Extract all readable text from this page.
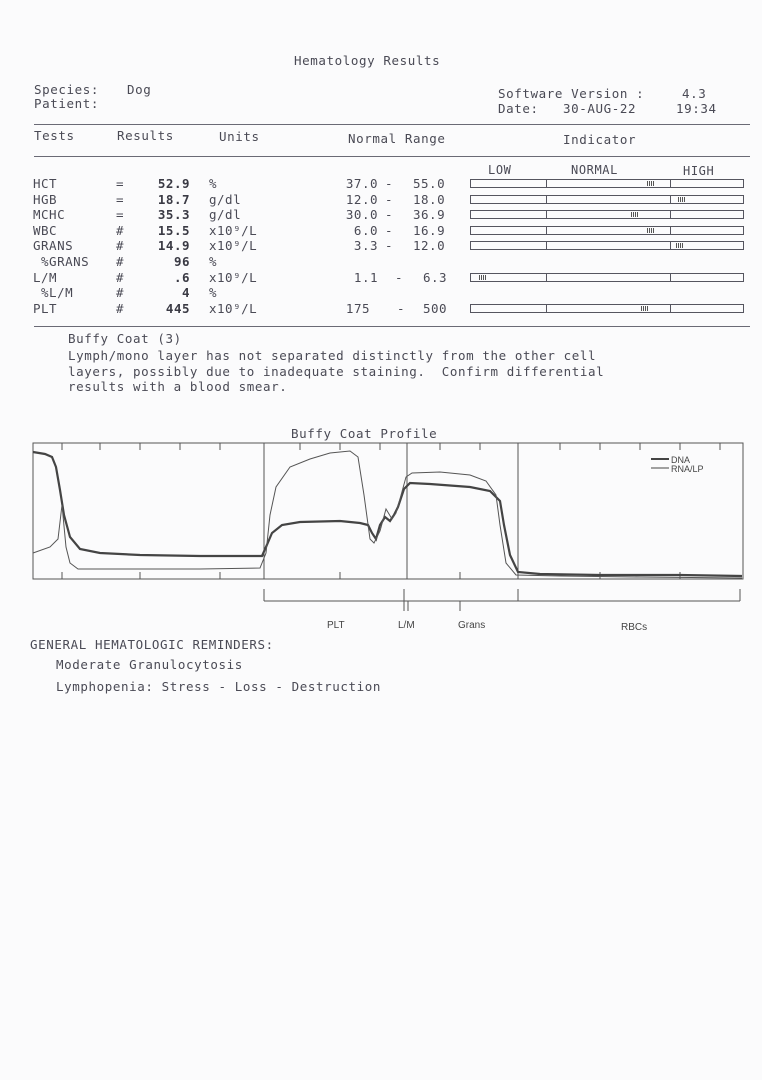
Hematology Results
Species: Dog
Patient:
Software Version :	4.3
Date: 30-AUG-22	19:34
Tests	Results	Units	Normal Range	Indicator
LOW	NORMAL	HIGH
HCT	=	52.9 %	37.0 - 55.0
HGB	=	18.7 g/dl	12.0 - 18.0
MCHC	=	35.3 g/dl	30.0 - 36.9
WBC	#	15.5 x10⁹/L	6.0 - 16.9
GRANS	#	14.9 x10⁹/L	3.3 - 12.0
%GRANS #	96 %
L/M	#	.6 x10⁹/L	1.1 - 6.3
%L/M	#	4 %
PLT	#	445 x10⁹/L	175 - 500
Buffy Coat (3)
Lymph/mono layer has not separated distinctly from the other cell
layers, possibly due to inadequate staining.  Confirm differential
results with a blood smear.
Buffy Coat Profile
DNA
RNA/LP
PLT	L/M	Grans	RBCs
GENERAL HEMATOLOGIC REMINDERS:
Moderate Granulocytosis
Lymphopenia: Stress - Loss - Destruction
